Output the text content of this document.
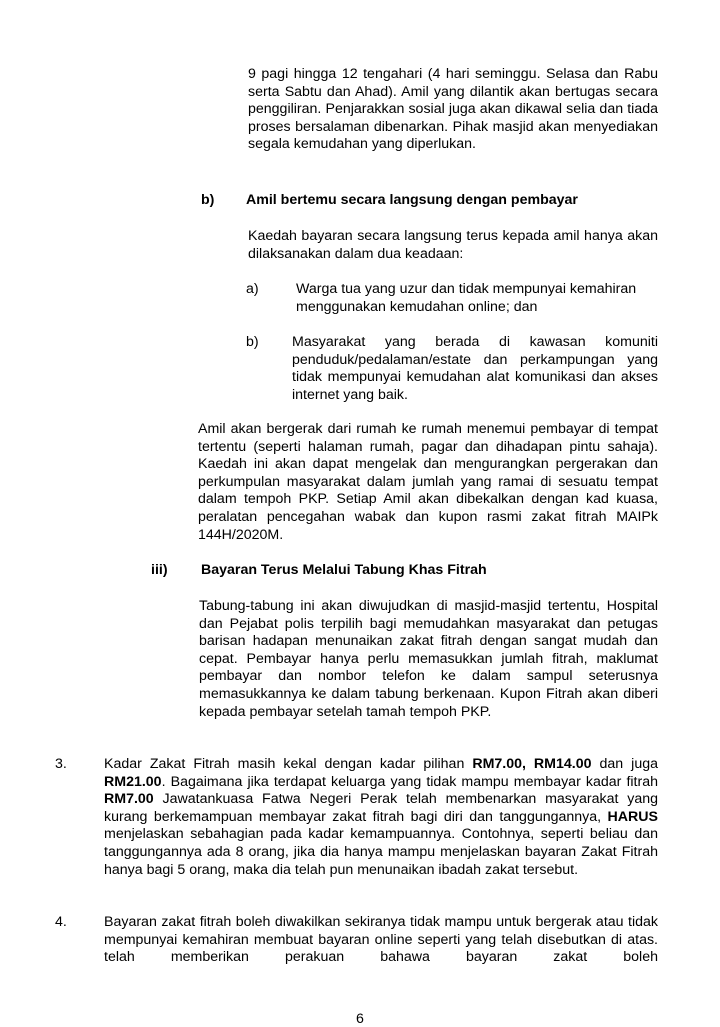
9 pagi hingga 12 tengahari (4 hari seminggu. Selasa dan Rabu serta Sabtu dan Ahad). Amil yang dilantik akan bertugas secara penggiliran. Penjarakkan sosial juga akan dikawal selia dan tiada proses bersalaman dibenarkan. Pihak masjid akan menyediakan segala kemudahan yang diperlukan.
b) Amil bertemu secara langsung dengan pembayar
Kaedah bayaran secara langsung terus kepada amil hanya akan dilaksanakan dalam dua keadaan:
a)	Warga tua yang uzur dan tidak mempunyai kemahiran menggunakan kemudahan online; dan
b) Masyarakat yang berada di kawasan komuniti penduduk/pedalaman/estate dan perkampungan yang tidak mempunyai kemudahan alat komunikasi dan akses internet yang baik.
Amil akan bergerak dari rumah ke rumah menemui pembayar di tempat tertentu (seperti halaman rumah, pagar dan dihadapan pintu sahaja). Kaedah ini akan dapat mengelak dan mengurangkan pergerakan dan perkumpulan masyarakat dalam jumlah yang ramai di sesuatu tempat dalam tempoh PKP. Setiap Amil akan dibekalkan dengan kad kuasa, peralatan pencegahan wabak dan kupon rasmi zakat fitrah MAIPk 144H/2020M.
iii) Bayaran Terus Melalui Tabung Khas Fitrah
Tabung-tabung ini akan diwujudkan di masjid-masjid tertentu, Hospital dan Pejabat polis terpilih bagi memudahkan masyarakat dan petugas barisan hadapan menunaikan zakat fitrah dengan sangat mudah dan cepat. Pembayar hanya perlu memasukkan jumlah fitrah, maklumat pembayar dan nombor telefon ke dalam sampul seterusnya memasukkannya ke dalam tabung berkenaan. Kupon Fitrah akan diberi kepada pembayar setelah tamah tempoh PKP.
3.	Kadar Zakat Fitrah masih kekal dengan kadar pilihan RM7.00, RM14.00 dan juga RM21.00. Bagaimana jika terdapat keluarga yang tidak mampu membayar kadar fitrah RM7.00 Jawatankuasa Fatwa Negeri Perak telah membenarkan masyarakat yang kurang berkemampuan membayar zakat fitrah bagi diri dan tanggungannya, HARUS menjelaskan sebahagian pada kadar kemampuannya. Contohnya, seperti beliau dan tanggungannya ada 8 orang, jika dia hanya mampu menjelaskan bayaran Zakat Fitrah hanya bagi 5 orang, maka dia telah pun menunaikan ibadah zakat tersebut.
4.	Bayaran zakat fitrah boleh diwakilkan sekiranya tidak mampu untuk bergerak atau tidak mempunyai kemahiran membuat bayaran online seperti yang telah disebutkan di atas. telah memberikan perakuan bahawa bayaran zakat boleh
6
